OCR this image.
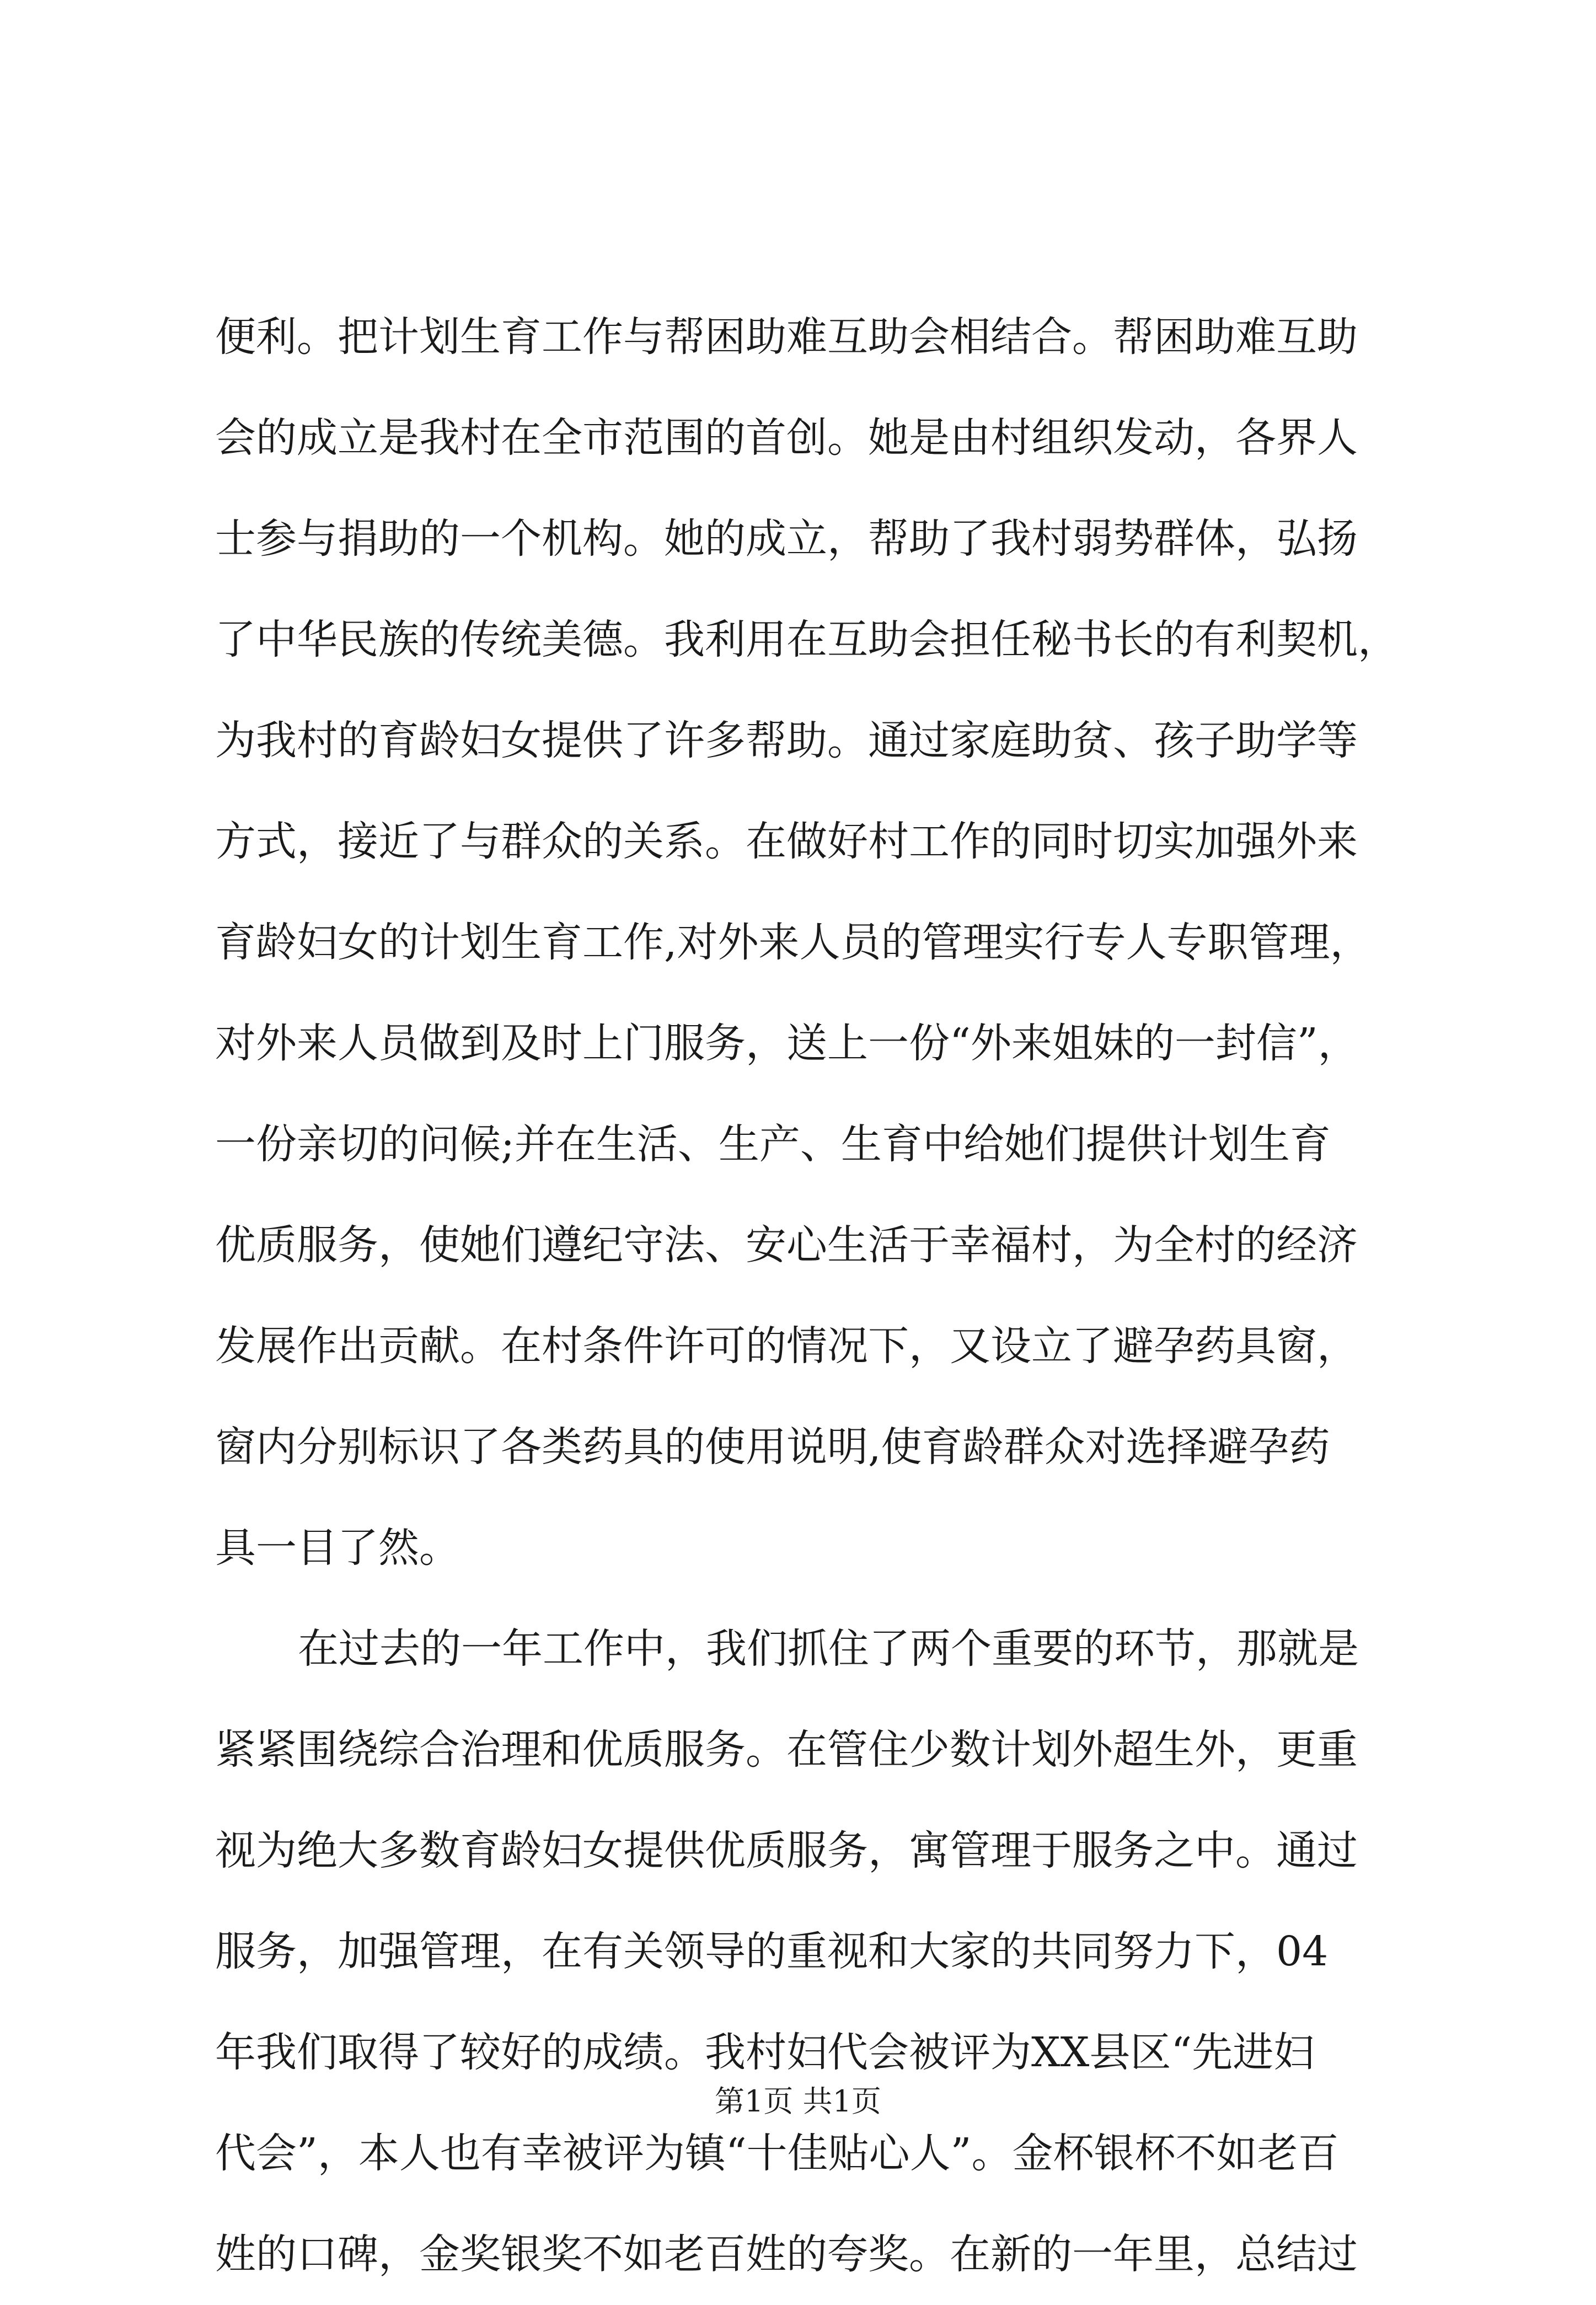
便利。把计划生育工作与帮困助难互助会相结合。帮困助难互助
会的成立是我村在全市范围的首创。她是由村组织发动，各界人
士参与捐助的一个机构。她的成立，帮助了我村弱势群体，弘扬
了中华民族的传统美德。我利用在互助会担任秘书长的有利契机，
为我村的育龄妇女提供了许多帮助。通过家庭助贫、孩子助学等
方式，接近了与群众的关系。在做好村工作的同时切实加强外来
育龄妇女的计划生育工作,对外来人员的管理实行专人专职管理，
对外来人员做到及时上门服务，送上一份“外来姐妹的一封信”，
一份亲切的问候;并在生活、生产、生育中给她们提供计划生育
优质服务，使她们遵纪守法、安心生活于幸福村，为全村的经济
发展作出贡献。在村条件许可的情况下，又设立了避孕药具窗，
窗内分别标识了各类药具的使用说明,使育龄群众对选择避孕药
具一目了然。
在过去的一年工作中，我们抓住了两个重要的环节，那就是
紧紧围绕综合治理和优质服务。在管住少数计划外超生外，更重
视为绝大多数育龄妇女提供优质服务，寓管理于服务之中。通过
服务，加强管理，在有关领导的重视和大家的共同努力下，04
年我们取得了较好的成绩。我村妇代会被评为XX县区“先进妇
代会”，本人也有幸被评为镇“十佳贴心人”。金杯银杯不如老百
姓的口碑，金奖银奖不如老百姓的夸奖。在新的一年里，总结过
第1页 共1页
